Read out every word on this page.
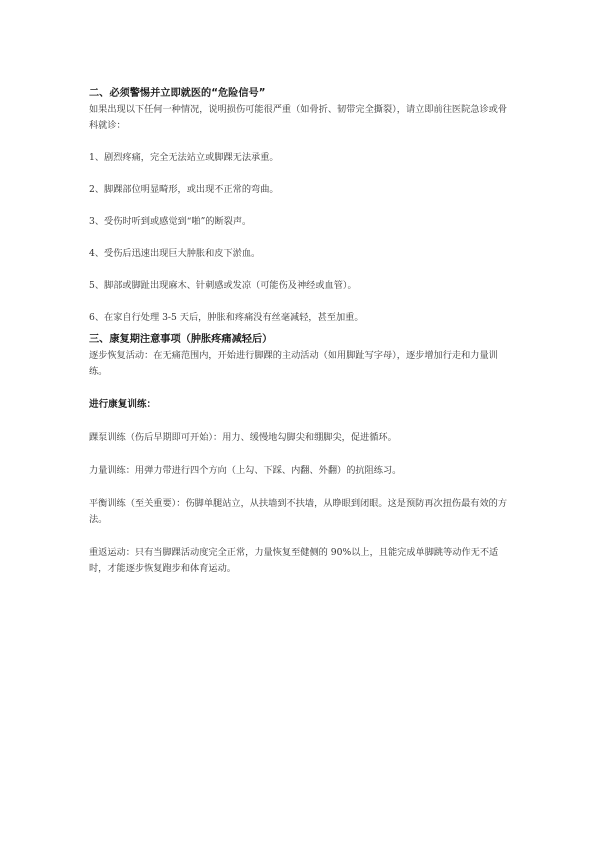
二、必须警惕并立即就医的“危险信号”

如果出现以下任何一种情况，说明损伤可能很严重（如骨折、韧带完全撕裂），请立即前往医院急诊或骨科就诊：

1、剧烈疼痛，完全无法站立或脚踝无法承重。

2、脚踝部位明显畸形，或出现不正常的弯曲。

3、受伤时听到或感觉到“啪”的断裂声。

4、受伤后迅速出现巨大肿胀和皮下淤血。

5、脚部或脚趾出现麻木、针刺感或发凉（可能伤及神经或血管）。

6、在家自行处理 3-5 天后，肿胀和疼痛没有丝毫减轻，甚至加重。

三、康复期注意事项（肿胀疼痛减轻后）

逐步恢复活动：在无痛范围内，开始进行脚踝的主动活动（如用脚趾写字母），逐步增加行走和力量训练。

进行康复训练：

踝泵训练（伤后早期即可开始）：用力、缓慢地勾脚尖和绷脚尖，促进循环。

力量训练：用弹力带进行四个方向（上勾、下踩、内翻、外翻）的抗阻练习。

平衡训练（至关重要）：伤脚单腿站立，从扶墙到不扶墙，从睁眼到闭眼。这是预防再次扭伤最有效的方法。

重返运动：只有当脚踝活动度完全正常，力量恢复至健侧的 90%以上，且能完成单脚跳等动作无不适时，才能逐步恢复跑步和体育运动。
